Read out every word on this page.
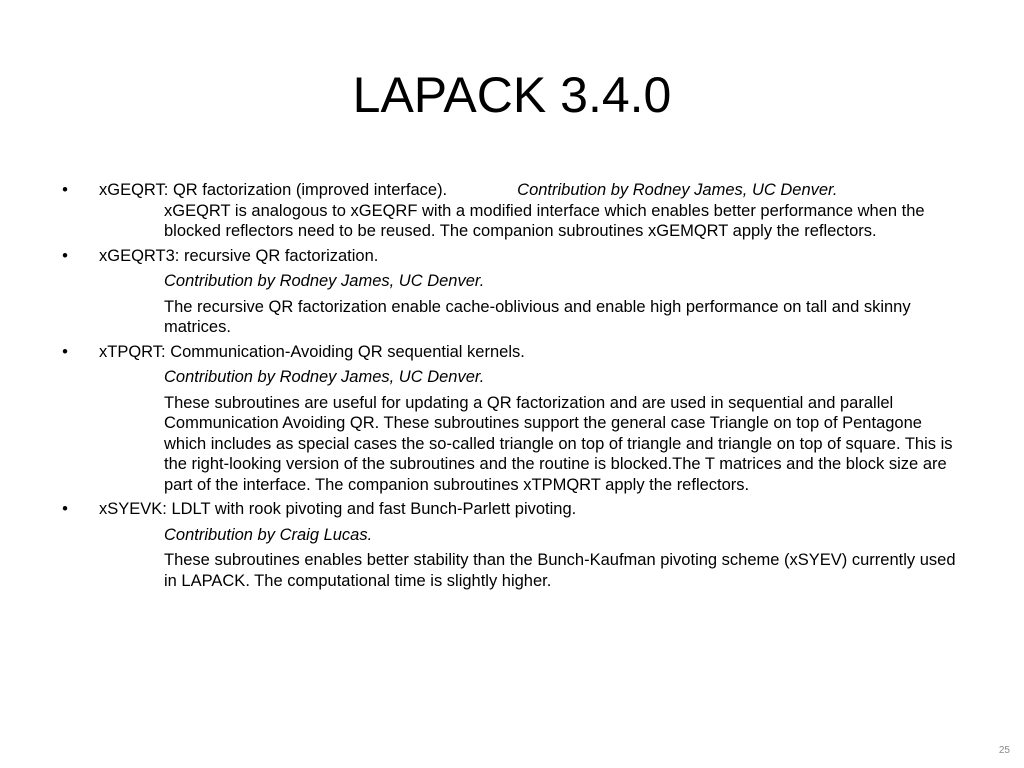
LAPACK 3.4.0
• xGEQRT: QR factorization (improved interface).	Contribution by Rodney James, UC Denver.
xGEQRT is analogous to xGEQRF with a modified interface which enables better performance when the blocked reflectors need to be reused. The companion subroutines xGEMQRT apply the reflectors.
• xGEQRT3: recursive QR factorization.
Contribution by Rodney James, UC Denver.
The recursive QR factorization enable cache-oblivious and enable high performance on tall and skinny matrices.
• xTPQRT: Communication-Avoiding QR sequential kernels.
Contribution by Rodney James, UC Denver.
These subroutines are useful for updating a QR factorization and are used in sequential and parallel Communication Avoiding QR. These subroutines support the general case Triangle on top of Pentagone which includes as special cases the so-called triangle on top of triangle and triangle on top of square. This is the right-looking version of the subroutines and the routine is blocked.The T matrices and the block size are part of the interface. The companion subroutines xTPMQRT apply the reflectors.
• xSYEVK: LDLT with rook pivoting and fast Bunch-Parlett pivoting.
Contribution by Craig Lucas.
These subroutines enables better stability than the Bunch-Kaufman pivoting scheme (xSYEV) currently used in LAPACK. The computational time is slightly higher.
25
